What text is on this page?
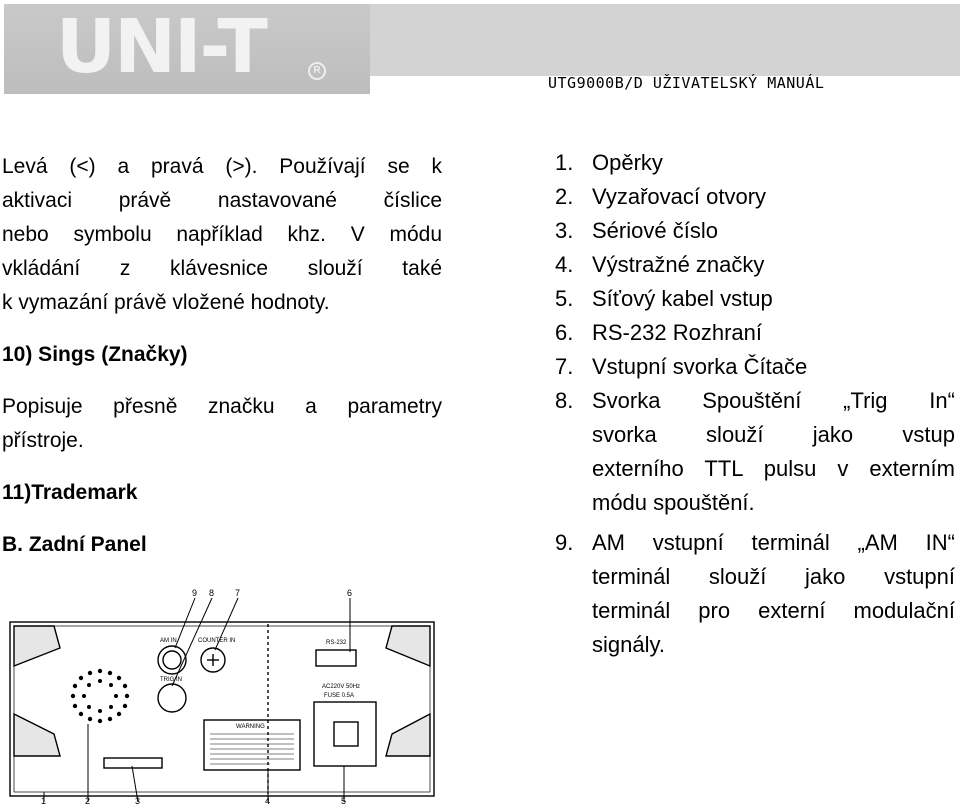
UNI-T	R
UTG9000B/D UŽIVATELSKÝ MANUÁL
Levá (<) a pravá (>). Používají se k
aktivaci právě nastavované číslice
nebo symbolu například khz. V módu
vkládání z klávesnice slouží také
k vymazání právě vložené hodnoty.
10) Sings (Značky)
Popisuje přesně značku a parametry
přístroje.
11)Trademark
B. Zadní Panel
1. Opěrky
2. Vyzařovací otvory
3. Sériové číslo
4. Výstražné značky
5. Síťový kabel vstup
6. RS-232 Rozhraní
7. Vstupní svorka Čítače
8. Svorka Spouštění „Trig In“
svorka slouží jako vstup
externího TTL pulsu v externím
módu spouštění.
9. AM vstupní terminál „AM IN“
terminál slouží jako vstupní
terminál pro externí modulační
signály.
9 8 7	6
1	2	3	4	5
AM IN	COUNTER IN
TRIG IN
RS-232
AC220V 50Hz
FUSE 0.5A
WARNING
